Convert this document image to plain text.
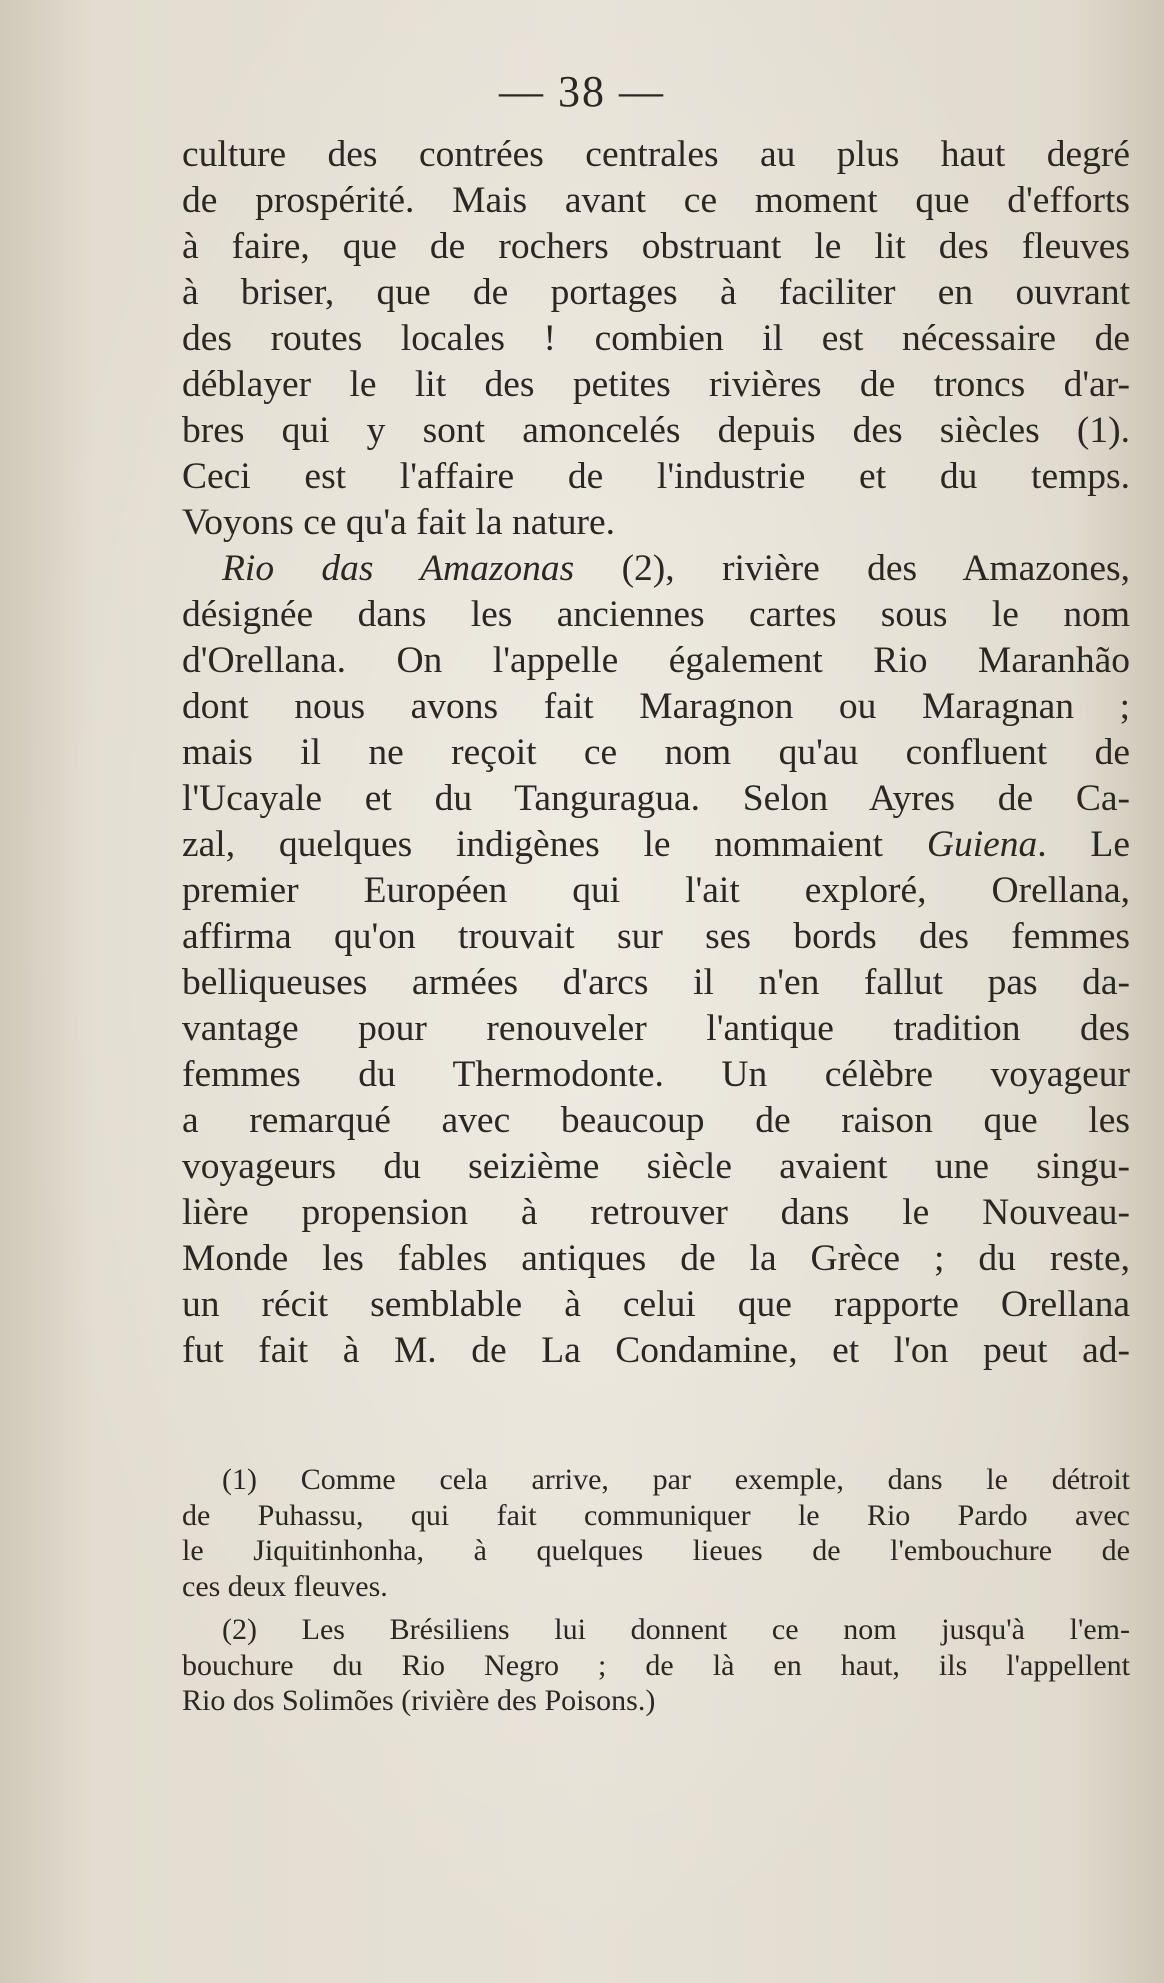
— 38 —
culture des contrées centrales au plus haut degré
de prospérité. Mais avant ce moment que d'efforts
à faire, que de rochers obstruant le lit des fleuves
à briser, que de portages à faciliter en ouvrant
des routes locales ! combien il est nécessaire de
déblayer le lit des petites rivières de troncs d'ar-
bres qui y sont amoncelés depuis des siècles (1).
Ceci est l'affaire de l'industrie et du temps.
Voyons ce qu'a fait la nature.
Rio das Amazonas (2), rivière des Amazones,
désignée dans les anciennes cartes sous le nom
d'Orellana. On l'appelle également Rio Maranhão
dont nous avons fait Maragnon ou Maragnan ;
mais il ne reçoit ce nom qu'au confluent de
l'Ucayale et du Tanguragua. Selon Ayres de Ca-
zal, quelques indigènes le nommaient Guiena. Le
premier Européen qui l'ait exploré, Orellana,
affirma qu'on trouvait sur ses bords des femmes
belliqueuses armées d'arcs il n'en fallut pas da-
vantage pour renouveler l'antique tradition des
femmes du Thermodonte. Un célèbre voyageur
a remarqué avec beaucoup de raison que les
voyageurs du seizième siècle avaient une singu-
lière propension à retrouver dans le Nouveau-
Monde les fables antiques de la Grèce ; du reste,
un récit semblable à celui que rapporte Orellana
fut fait à M. de La Condamine, et l'on peut ad-
(1) Comme cela arrive, par exemple, dans le détroit
de Puhassu, qui fait communiquer le Rio Pardo avec
le Jiquitinhonha, à quelques lieues de l'embouchure de
ces deux fleuves.
(2) Les Brésiliens lui donnent ce nom jusqu'à l'em-
bouchure du Rio Negro ; de là en haut, ils l'appellent
Rio dos Solimões (rivière des Poisons.)
